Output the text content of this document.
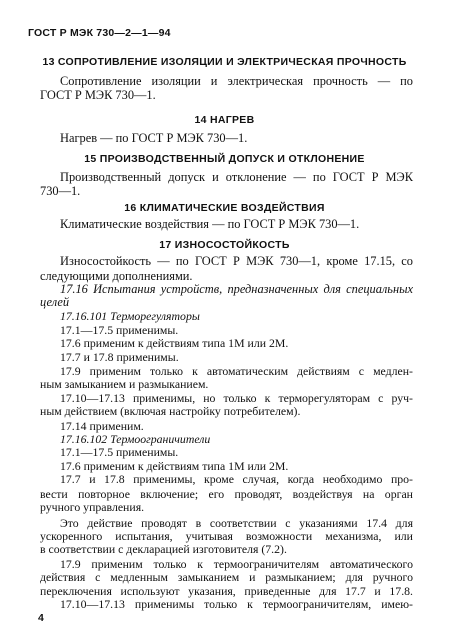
ГОСТ Р МЭК 730—2—1—94
13 СОПРОТИВЛЕНИЕ ИЗОЛЯЦИИ И ЭЛЕКТРИЧЕСКАЯ ПРОЧНОСТЬ
Сопротивление изоляции и электрическая прочность — по
ГОСТ Р МЭК 730—1.
14 НАГРЕВ
Нагрев — по ГОСТ Р МЭК 730—1.
15 ПРОИЗВОДСТВЕННЫЙ ДОПУСК И ОТКЛОНЕНИЕ
Производственный допуск и отклонение — по ГОСТ Р МЭК
730—1.
16 КЛИМАТИЧЕСКИЕ ВОЗДЕЙСТВИЯ
Климатические воздействия — по ГОСТ Р МЭК 730—1.
17 ИЗНОСОСТОЙКОСТЬ
Износостойкость — по ГОСТ Р МЭК 730—1, кроме 17.15, со
следующими дополнениями.
17.16 Испытания устройств, предназначенных для специальных
целей
17.16.101 Терморегуляторы
17.1—17.5 применимы.
17.6 применим к действиям типа 1М или 2М.
17.7 и 17.8 применимы.
17.9 применим только к автоматическим действиям с медлен-
ным замыканием и размыканием.
17.10—17.13 применимы, но только к терморегуляторам с руч-
ным действием (включая настройку потребителем).
17.14 применим.
17.16.102 Термоограничители
17.1—17.5 применимы.
17.6 применим к действиям типа 1М или 2М.
17.7 и 17.8 применимы, кроме случая, когда необходимо про-
вести повторное включение; его проводят, воздействуя на орган
ручного управления.
Это действие проводят в соответствии с указаниями 17.4 для
ускоренного испытания, учитывая возможности механизма, или
в соответствии с декларацией изготовителя (7.2).
17.9 применим только к термоограничителям автоматического
действия с медленным замыканием и размыканием; для ручного
переключения используют указания, приведенные для 17.7 и 17.8.
17.10—17.13 применимы только к термоограничителям, имею-
4
